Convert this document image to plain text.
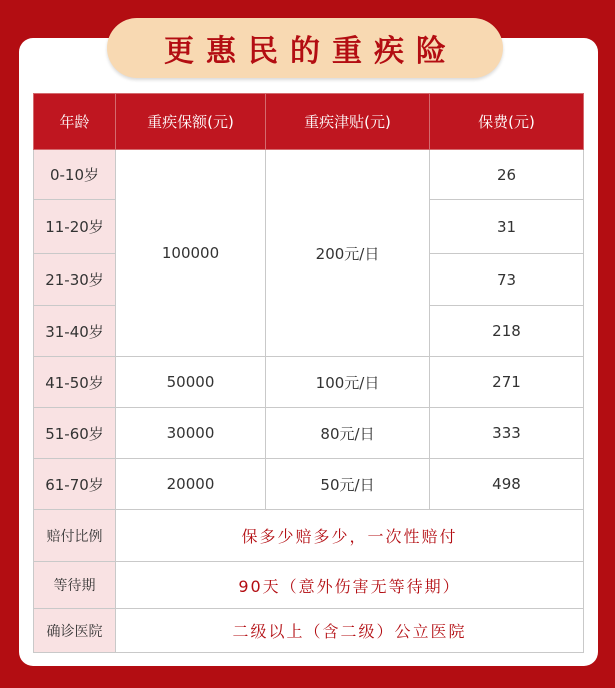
更惠民的重疾险
年龄	重疾保额(元)	重疾津贴(元)	保费(元)
0-10岁	100000	200元/日	26
11-20岁			31
21-30岁			73
31-40岁			218
41-50岁	50000	100元/日	271
51-60岁	30000	80元/日	333
61-70岁	20000	50元/日	498
赔付比例	保多少赔多少，一次性赔付		
等待期	90天（意外伤害无等待期）		
确诊医院	二级以上（含二级）公立医院		
